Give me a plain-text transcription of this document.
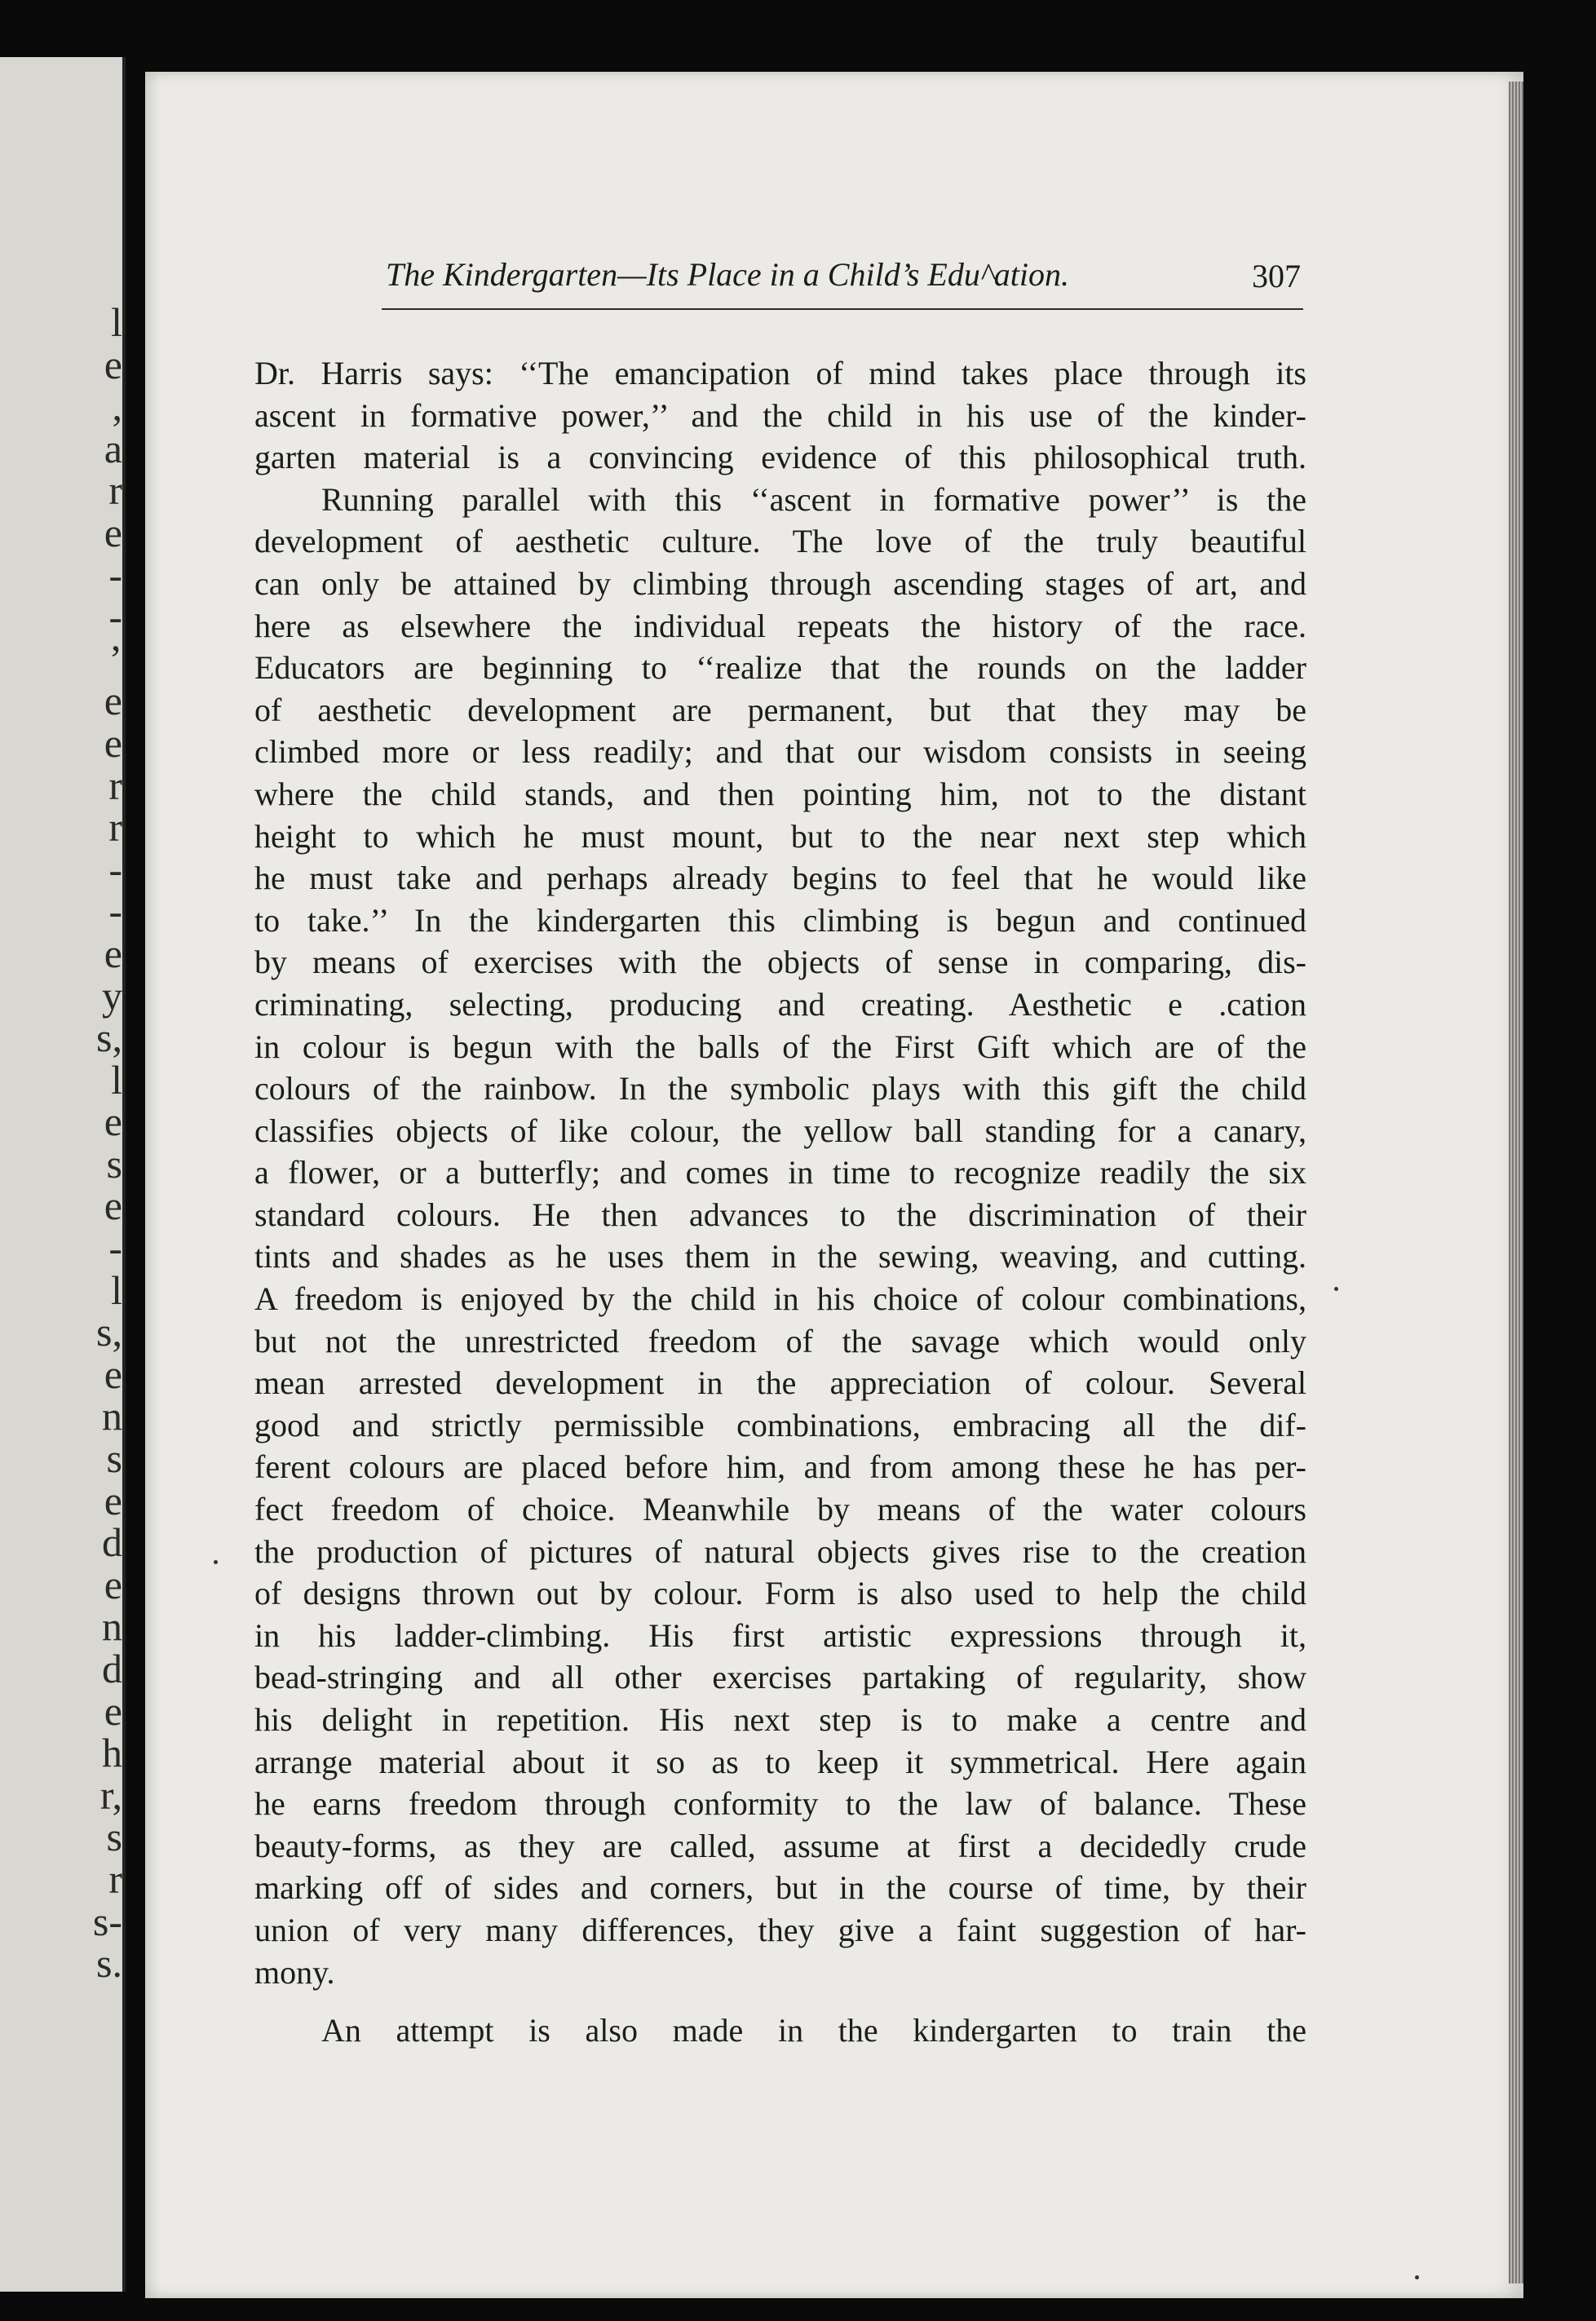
l
e
,
a
r
e
-
-
’
e
e
r
r
-
-
e
y
s,
l
e
s
e
-
l
s,
e
n
s
e
d
e
n
d
e
h
r,
s
r
s-
s.
The Kindergarten—Its Place in a Child’s Edu^ation.	307
Dr. Harris says: ‘‘The emancipation of mind takes place through its
ascent in formative power,’’ and the child in his use of the kinder-
garten material is a convincing evidence of this philosophical truth.
Running parallel with this ‘‘ascent in formative power’’ is the
development of aesthetic culture. The love of the truly beautiful
can only be attained by climbing through ascending stages of art, and
here as elsewhere the individual repeats the history of the race.
Educators are beginning to ‘‘realize that the rounds on the ladder
of aesthetic development are permanent, but that they may be
climbed more or less readily; and that our wisdom consists in seeing
where the child stands, and then pointing him, not to the distant
height to which he must mount, but to the near next step which
he must take and perhaps already begins to feel that he would like
to take.’’ In the kindergarten this climbing is begun and continued
by means of exercises with the objects of sense in comparing, dis-
criminating, selecting, producing and creating. Aesthetic e .cation
in colour is begun with the balls of the First Gift which are of the
colours of the rainbow. In the symbolic plays with this gift the child
classifies objects of like colour, the yellow ball standing for a canary,
a flower, or a butterfly; and comes in time to recognize readily the six
standard colours. He then advances to the discrimination of their
tints and shades as he uses them in the sewing, weaving, and cutting.
A freedom is enjoyed by the child in his choice of colour combinations,
but not the unrestricted freedom of the savage which would only
mean arrested development in the appreciation of colour. Several
good and strictly permissible combinations, embracing all the dif-
ferent colours are placed before him, and from among these he has per-
fect freedom of choice. Meanwhile by means of the water colours
the production of pictures of natural objects gives rise to the creation
of designs thrown out by colour. Form is also used to help the child
in his ladder-climbing. His first artistic expressions through it,
bead-stringing and all other exercises partaking of regularity, show
his delight in repetition. His next step is to make a centre and
arrange material about it so as to keep it symmetrical. Here again
he earns freedom through conformity to the law of balance. These
beauty-forms, as they are called, assume at first a decidedly crude
marking off of sides and corners, but in the course of time, by their
union of very many differences, they give a faint suggestion of har-
mony.
An attempt is also made in the kindergarten to train the
